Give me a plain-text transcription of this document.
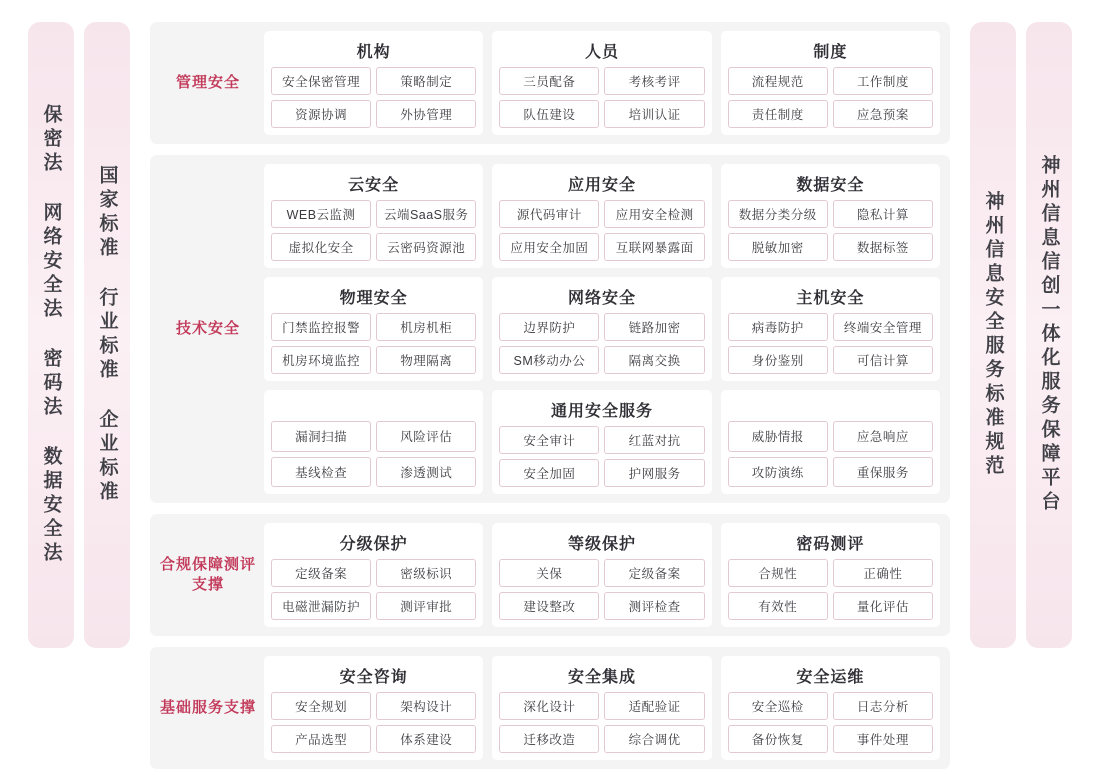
保密法 网络安全法 密码法 数据安全法	国家标准 行业标准 企业标准
管理安全
机构
安全保密管理	策略制定
资源协调	外协管理
人员
三员配备	考核考评
队伍建设	培训认证
制度
流程规范	工作制度
责任制度	应急预案
技术安全
云安全
WEB云监测	云端SaaS服务
虚拟化安全	云密码资源池
应用安全
源代码审计	应用安全检测
应用安全加固	互联网暴露面
数据安全
数据分类分级	隐私计算
脱敏加密	数据标签
物理安全
门禁监控报警	机房机柜
机房环境监控	物理隔离
网络安全
边界防护	链路加密
SM移动办公	隔离交换
主机安全
病毒防护	终端安全管理
身份鉴别	可信计算

漏洞扫描	风险评估
基线检查	渗透测试
通用安全服务
安全审计	红蓝对抗
安全加固	护网服务

威胁情报	应急响应
攻防演练	重保服务
合规保障测评支撑
分级保护
定级备案	密级标识
电磁泄漏防护	测评审批
等级保护
关保	定级备案
建设整改	测评检查
密码测评
合规性	正确性
有效性	量化评估
基础服务支撑
安全咨询
安全规划	架构设计
产品选型	体系建设
安全集成
深化设计	适配验证
迁移改造	综合调优
安全运维
安全巡检	日志分析
备份恢复	事件处理
神州信息安全服务标准规范	神州信息信创一体化服务保障平台
